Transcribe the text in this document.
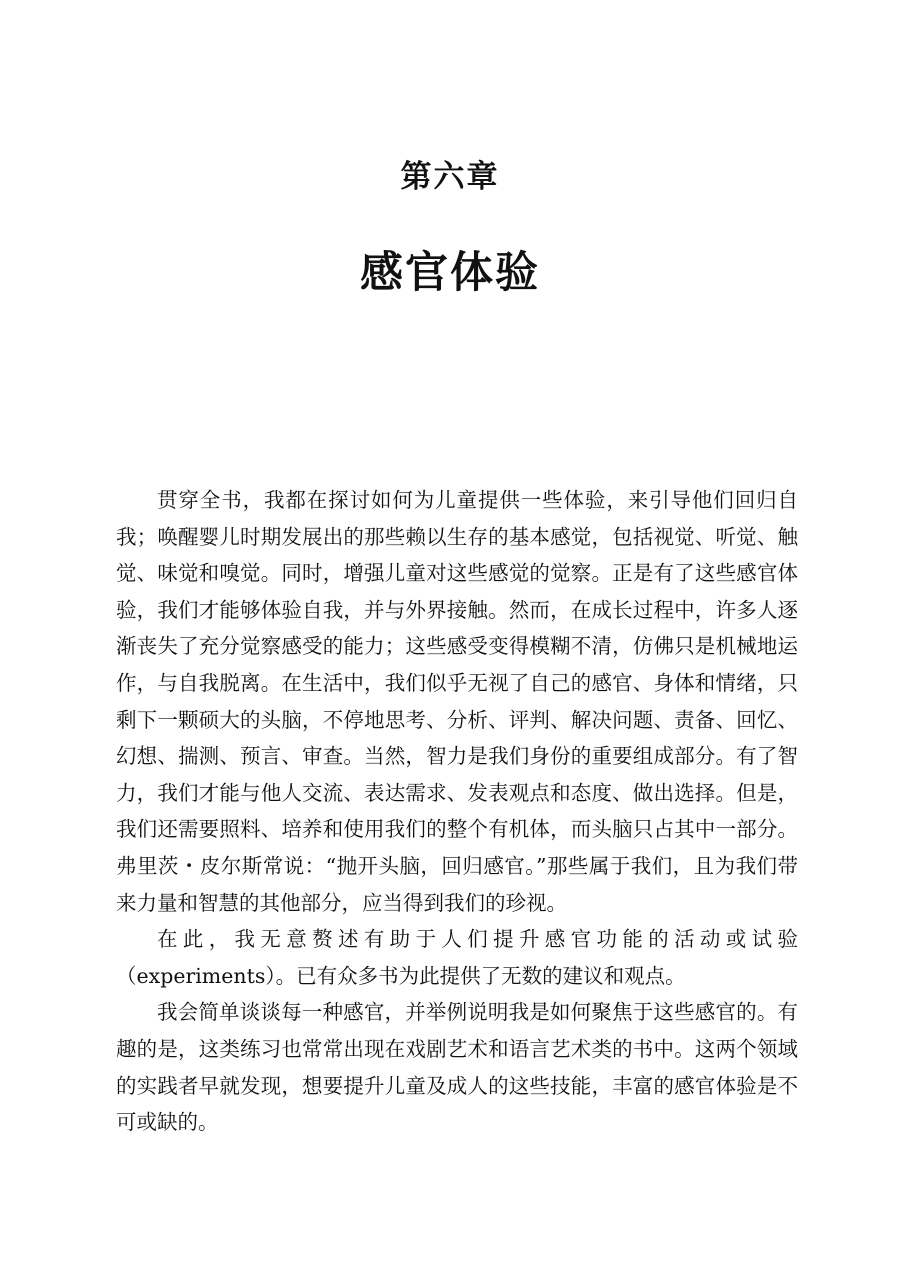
第六章
感官体验

贯穿全书，我都在探讨如何为儿童提供一些体验，来引导他们回归自我；唤醒婴儿时期发展出的那些赖以生存的基本感觉，包括视觉、听觉、触觉、味觉和嗅觉。同时，增强儿童对这些感觉的觉察。正是有了这些感官体验，我们才能够体验自我，并与外界接触。然而，在成长过程中，许多人逐渐丧失了充分觉察感受的能力；这些感受变得模糊不清，仿佛只是机械地运作，与自我脱离。在生活中，我们似乎无视了自己的感官、身体和情绪，只剩下一颗硕大的头脑，不停地思考、分析、评判、解决问题、责备、回忆、幻想、揣测、预言、审查。当然，智力是我们身份的重要组成部分。有了智力，我们才能与他人交流、表达需求、发表观点和态度、做出选择。但是，我们还需要照料、培养和使用我们的整个有机体，而头脑只占其中一部分。弗里茨・皮尔斯常说：“抛开头脑，回归感官。”那些属于我们，且为我们带来力量和智慧的其他部分，应当得到我们的珍视。

在此，我无意赘述有助于人们提升感官功能的活动或试验（experiments）。已有众多书为此提供了无数的建议和观点。

我会简单谈谈每一种感官，并举例说明我是如何聚焦于这些感官的。有趣的是，这类练习也常常出现在戏剧艺术和语言艺术类的书中。这两个领域的实践者早就发现，想要提升儿童及成人的这些技能，丰富的感官体验是不可或缺的。
